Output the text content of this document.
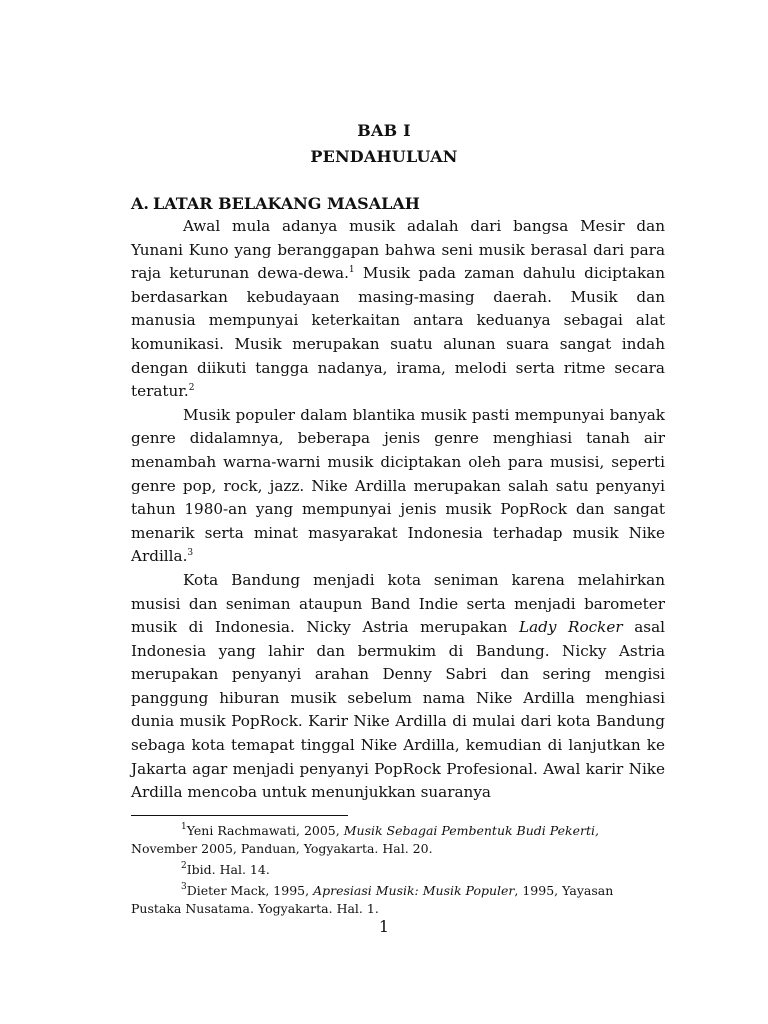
BAB I
PENDAHULUAN
A. LATAR BELAKANG MASALAH

Awal mula adanya musik adalah dari bangsa Mesir dan Yunani Kuno yang beranggapan bahwa seni musik berasal dari para raja keturunan dewa-dewa.$^1$ Musik pada zaman dahulu diciptakan berdasarkan kebudayaan masing-masing daerah. Musik dan manusia mempunyai keterkaitan antara keduanya sebagai alat komunikasi. Musik merupakan suatu alunan suara sangat indah dengan diikuti tangga nadanya, irama, melodi serta ritme secara teratur.$^2$

Musik populer dalam blantika musik pasti mempunyai banyak genre didalamnya, beberapa jenis genre menghiasi tanah air menambah warna-warni musik diciptakan oleh para musisi, seperti genre pop, rock, jazz. Nike Ardilla merupakan salah satu penyanyi tahun 1980-an yang mempunyai jenis musik PopRock dan sangat menarik serta minat masyarakat Indonesia terhadap musik Nike Ardilla.$^3$

Kota Bandung menjadi kota seniman karena melahirkan musisi dan seniman ataupun Band Indie serta menjadi barometer musik di Indonesia. Nicky Astria merupakan Lady Rocker asal Indonesia yang lahir dan bermukim di Bandung. Nicky Astria merupakan penyanyi arahan Denny Sabri dan sering mengisi panggung hiburan musik sebelum nama Nike Ardilla menghiasi dunia musik PopRock. Karir Nike Ardilla di mulai dari kota Bandung sebaga kota temapat tinggal Nike Ardilla, kemudian di lanjutkan ke Jakarta agar menjadi penyanyi PopRock Profesional. Awal karir Nike Ardilla mencoba untuk menunjukkan suaranya

$^1$Yeni Rachmawati, 2005, Musik Sebagai Pembentuk Budi Pekerti, November 2005, Panduan, Yogyakarta. Hal. 20.

$^2$Ibid. Hal. 14.

$^3$Dieter Mack, 1995, Apresiasi Musik: Musik Populer, 1995, Yayasan Pustaka Nusatama. Yogyakarta. Hal. 1.

1
